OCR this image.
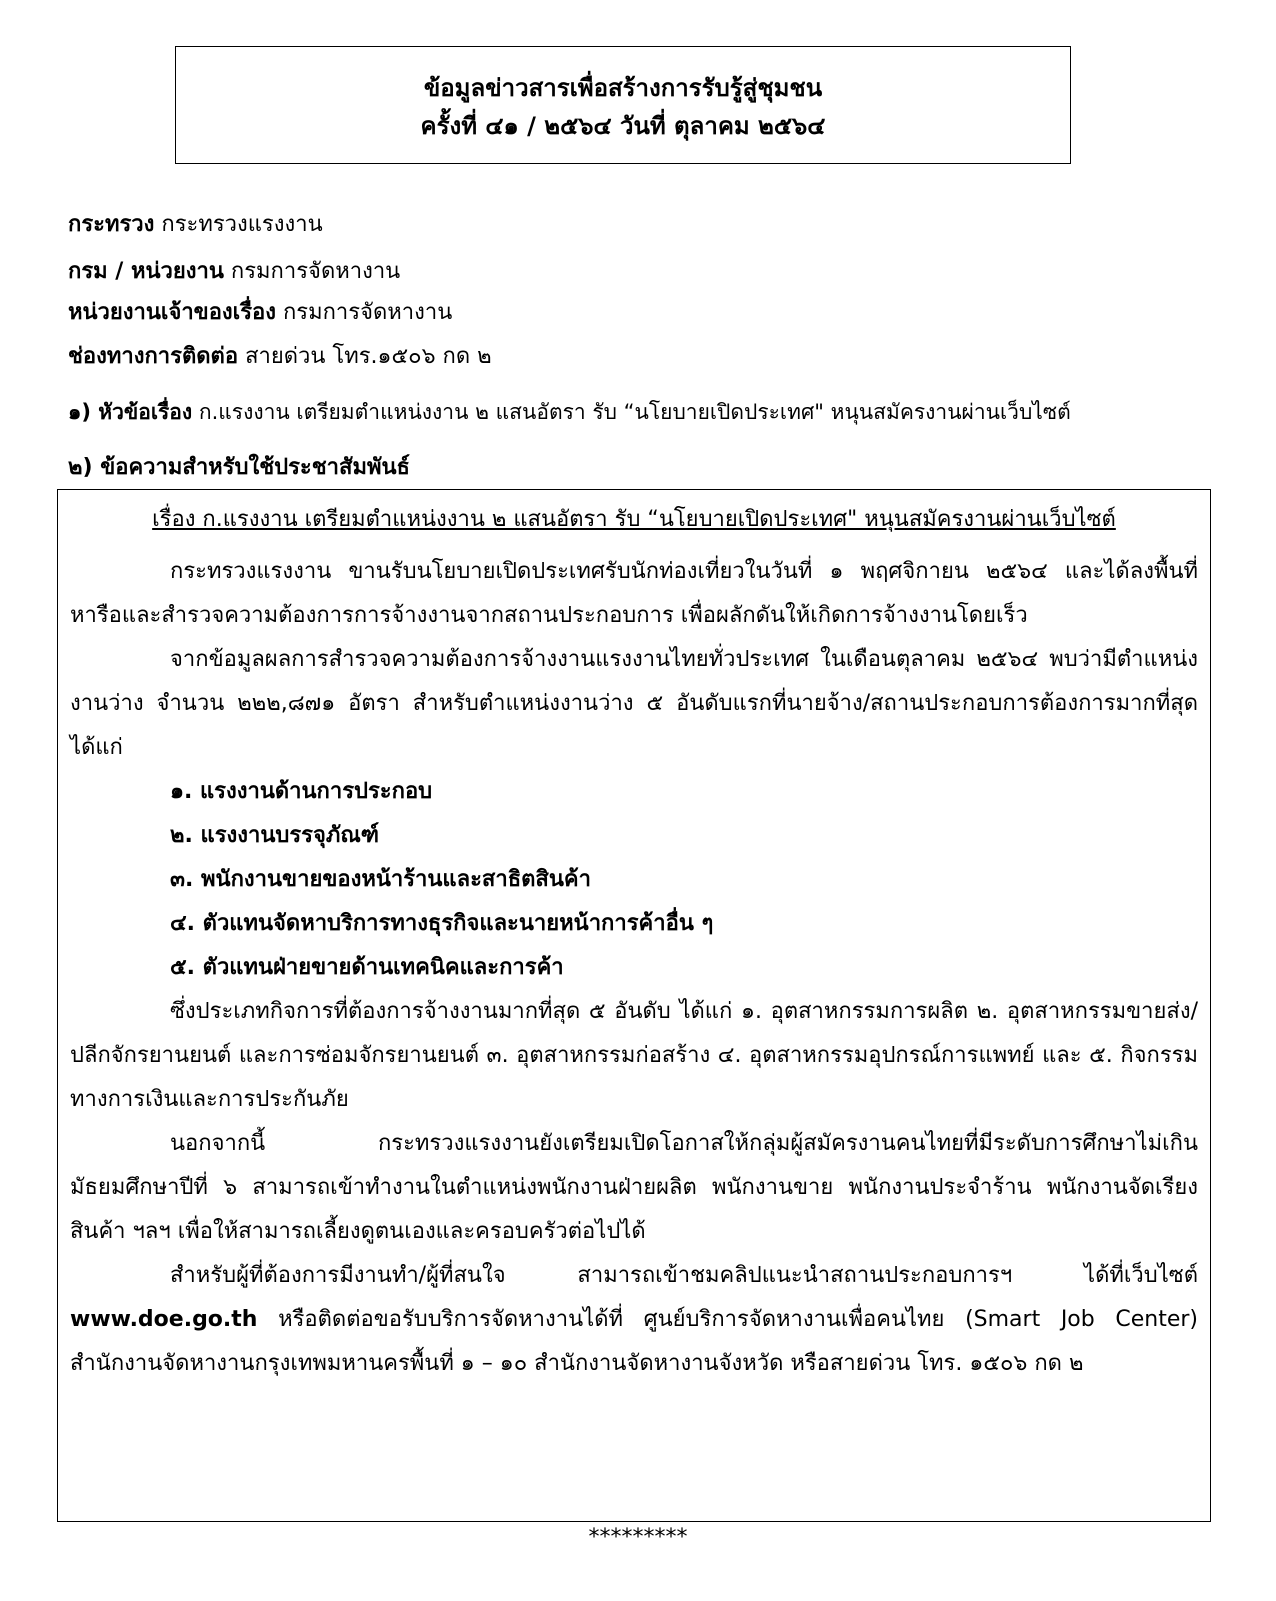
ข้อมูลข่าวสารเพื่อสร้างการรับรู้สู่ชุมชน
ครั้งที่ ๔๑ / ๒๕๖๔ วันที่ ตุลาคม ๒๕๖๔
กระทรวง กระทรวงแรงงาน
กรม / หน่วยงาน กรมการจัดหางาน
หน่วยงานเจ้าของเรื่อง กรมการจัดหางาน
ช่องทางการติดต่อ สายด่วน โทร.๑๕๐๖ กด ๒
๑) หัวข้อเรื่อง ก.แรงงาน เตรียมตำแหน่งงาน ๒ แสนอัตรา รับ “นโยบายเปิดประเทศ" หนุนสมัครงานผ่านเว็บไซต์
๒) ข้อความสำหรับใช้ประชาสัมพันธ์
เรื่อง ก.แรงงาน เตรียมตำแหน่งงาน ๒ แสนอัตรา รับ “นโยบายเปิดประเทศ" หนุนสมัครงานผ่านเว็บไซต์

กระทรวงแรงงาน ขานรับนโยบายเปิดประเทศรับนักท่องเที่ยวในวันที่ ๑ พฤศจิกายน ๒๕๖๔ และได้ลงพื้นที่หารือและสำรวจความต้องการการจ้างงานจากสถานประกอบการ เพื่อผลักดันให้เกิดการจ้างงานโดยเร็ว

จากข้อมูลผลการสำรวจความต้องการจ้างงานแรงงานไทยทั่วประเทศ ในเดือนตุลาคม ๒๕๖๔ พบว่ามีตำแหน่งงานว่าง จำนวน ๒๒๒,๘๗๑ อัตรา สำหรับตำแหน่งงานว่าง ๕ อันดับแรกที่นายจ้าง/สถานประกอบการต้องการมากที่สุด ได้แก่

๑. แรงงานด้านการประกอบ
๒. แรงงานบรรจุภัณฑ์
๓. พนักงานขายของหน้าร้านและสาธิตสินค้า
๔. ตัวแทนจัดหาบริการทางธุรกิจและนายหน้าการค้าอื่น ๆ
๕. ตัวแทนฝ่ายขายด้านเทคนิคและการค้า

ซึ่งประเภทกิจการที่ต้องการจ้างงานมากที่สุด ๕ อันดับ ได้แก่ ๑. อุตสาหกรรมการผลิต ๒. อุตสาหกรรมขายส่ง/ปลีกจักรยานยนต์ และการซ่อมจักรยานยนต์ ๓. อุตสาหกรรมก่อสร้าง ๔. อุตสาหกรรมอุปกรณ์การแพทย์ และ ๕. กิจกรรมทางการเงินและการประกันภัย

นอกจากนี้ กระทรวงแรงงานยังเตรียมเปิดโอกาสให้กลุ่มผู้สมัครงานคนไทยที่มีระดับการศึกษาไม่เกินมัธยมศึกษาปีที่ ๖ สามารถเข้าทำงานในตำแหน่งพนักงานฝ่ายผลิต พนักงานขาย พนักงานประจำร้าน พนักงานจัดเรียงสินค้า ฯลฯ เพื่อให้สามารถเลี้ยงดูตนเองและครอบครัวต่อไปได้

สำหรับผู้ที่ต้องการมีงานทำ/ผู้ที่สนใจ สามารถเข้าชมคลิปแนะนำสถานประกอบการฯ ได้ที่เว็บไซต์ www.doe.go.th หรือติดต่อขอรับบริการจัดหางานได้ที่ ศูนย์บริการจัดหางานเพื่อคนไทย (Smart Job Center) สำนักงานจัดหางานกรุงเทพมหานครพื้นที่ ๑ – ๑๐ สำนักงานจัดหางานจังหวัด หรือสายด่วน โทร. ๑๕๐๖ กด ๒

*********
